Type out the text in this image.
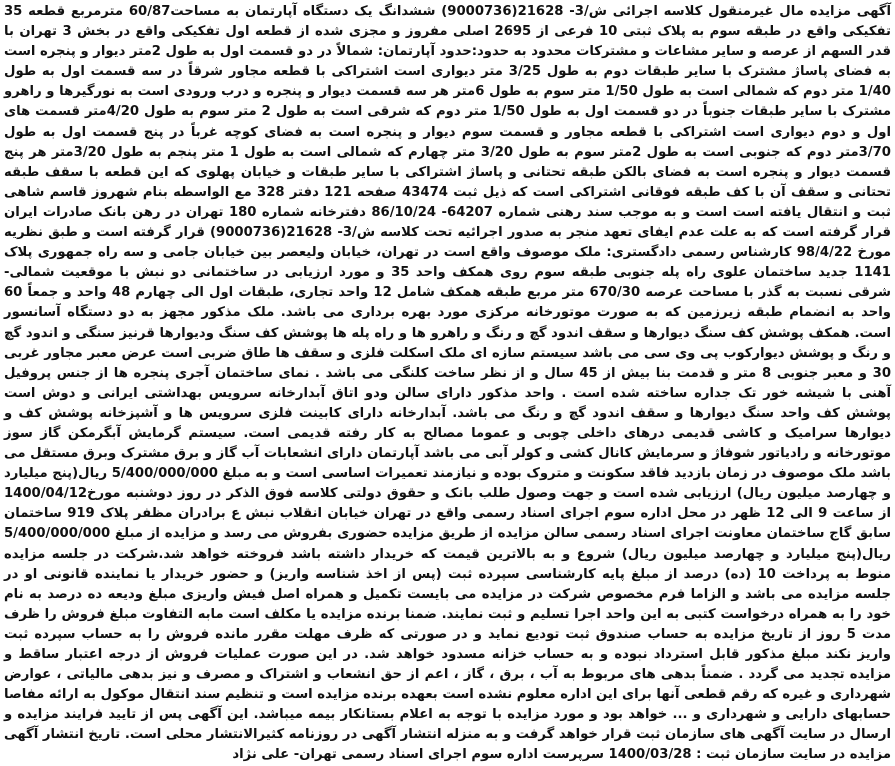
آگهی مزایده مال غیرمنقول کلاسه اجرائی ش/3- 21628(9000736) ششدانگ یک دستگاه آپارتمان به مساحت60/87 مترمربع قطعه 35 تفکیکی واقع در طبقه سوم به پلاک ثبتی 10 فرعی از 2695 اصلی مفروز و مجزی شده از قطعه اول تفکیکی واقع در بخش 3 تهران با قدر السهم از عرصه و سایر مشاعات و مشترکات محدود به حدود:حدود آپارتمان: شمالاً در دو قسمت اول به طول 2متر دیوار و پنجره است به فضای پاساژ مشترک با سایر طبقات دوم به طول 3/25 متر دیواری است اشتراکی با قطعه مجاور شرقاً در سه قسمت اول به طول 1/40 متر دوم که شمالی است به طول 1/50 متر سوم به طول 6متر هر سه قسمت دیوار و پنجره و درب ورودی است به نورگیرها و راهرو مشترک با سایر طبقات جنوباً در دو قسمت اول به طول 1/50 متر دوم که شرقی است به طول 2 متر سوم به طول 4/20متر قسمت های اول و دوم دیواری است اشتراکی با قطعه مجاور و قسمت سوم دیوار و پنجره است به فضای کوچه غرباً در پنج قسمت اول به طول 3/70متر دوم که جنوبی است به طول 2متر سوم به طول 3/20 متر چهارم که شمالی است به طول 1 متر پنجم به طول 3/20متر هر پنج قسمت دیوار و پنجره است به فضای بالکن طبقه تحتانی و پاساژ اشتراکی با سایر طبقات و خیابان پهلوی که این قطعه با سقف طبقه تحتانی و سقف آن با کف طبقه فوقانی اشتراکی است که ذیل ثبت 43474 صفحه 121 دفتر 328 مع الواسطه بنام شهروز قاسم شاهی ثبت و انتقال یافته است است و به موجب سند رهنی شماره 64207- 86/10/24 دفترخانه شماره 180 تهران در رهن بانک صادرات ایران قرار گرفته است که به علت عدم ایفای تعهد منجر به صدور اجرائیه تحت کلاسه ش/3- 21628(9000736) قرار گرفته است و طبق نظریه مورخ 98/4/22 کارشناس رسمی دادگستری: ملک موصوف واقع است در تهران، خیابان ولیعصر بین خیابان جامی و سه راه جمهوری پلاک 1141 جدید ساختمان علوی راه پله جنوبی طبقه سوم روی همکف واحد 35 و مورد ارزیابی در ساختمانی دو نبش با موقعیت شمالی- شرقی نسبت به گذر با مساحت عرصه 670/30 متر مربع طبقه همکف شامل 12 واحد تجاری، طبقات اول الی چهارم 48 واحد و جمعاً 60 واحد به انضمام طبقه زیرزمین که به صورت موتورخانه مرکزی مورد بهره برداری می باشد. ملک مذکور مجهز به دو دستگاه آسانسور است. همکف پوشش کف سنگ دیوارها و سقف اندود گچ و رنگ و راهرو ها و راه پله ها پوشش کف سنگ ودیوارها قرنیز سنگی و اندود گچ و رنگ و پوشش دیوارکوب پی وی سی می باشد سیستم سازه ای ملک اسکلت فلزی و سقف ها طاق ضربی است عرض معبر مجاور غربی 30 و معبر جنوبی 8 متر و قدمت بنا بیش از 45 سال و از نظر ساخت کلنگی می باشد . نمای ساختمان آجری پنجره ها از جنس پروفیل آهنی با شیشه خور تک جداره ساخته شده است . واحد مذکور دارای سالن ودو اتاق آبدارخانه سرویس بهداشتی ایرانی و دوش است پوشش کف واحد سنگ دیوارها و سقف اندود گچ و رنگ می باشد. آبدارخانه دارای کابینت فلزی سرویس ها و آشپزخانه پوشش کف و دیوارها سرامیک و کاشی قدیمی درهای داخلی چوبی و عموما مصالح به کار رفته قدیمی است. سیستم گرمایش آبگرمکن گاز سوز موتورخانه و رادیاتور شوفاژ و سرمایش کانال کشی و کولر آبی می باشد آپارتمان دارای انشعابات آب گاز و برق مشترک وبرق مستقل می باشد ملک موصوف در زمان بازدید فاقد سکونت و متروک بوده و نیازمند تعمیرات اساسی است و به مبلغ 5/400/000/000 ریال(پنج میلیارد و چهارصد میلیون ریال) ارزیابی شده است و جهت وصول طلب بانک و حقوق دولتی کلاسه فوق الذکر در روز دوشنبه مورخ1400/04/12 از ساعت 9 الی 12 ظهر در محل اداره سوم اجرای اسناد رسمی واقع در تهران خیابان انقلاب نبش ع برادران مظفر پلاک 919 ساختمان سابق گاج ساختمان معاونت اجرای اسناد رسمی سالن مزایده از طریق مزایده حضوری بفروش می رسد و مزایده از مبلغ 5/400/000/000 ریال(پنج میلیارد و چهارصد میلیون ریال) شروع و به بالاترین قیمت که خریدار داشته باشد فروخته خواهد شد.شرکت در جلسه مزایده منوط به پرداخت 10 (ده) درصد از مبلغ پایه کارشناسی سپرده ثبت (پس از اخذ شناسه واریز) و حضور خریدار یا نماینده قانونی او در جلسه مزایده می باشد و الزاما فرم مخصوص شرکت در مزایده می بایست تکمیل و همراه اصل فیش واریزی مبلغ ودیعه ده درصد به نام خود را به همراه درخواست کتبی به این واحد اجرا تسلیم و ثبت نمایند. ضمنا برنده مزایده یا مکلف است مابه التفاوت مبلغ فروش را ظرف مدت 5 روز از تاریخ مزایده به حساب صندوق ثبت تودیع نماید و در صورتی که ظرف مهلت مقرر مانده فروش را به حساب سپرده ثبت واریز نکند مبلغ مذکور قابل استرداد نبوده و به حساب خزانه مسدود خواهد شد. در این صورت عملیات فروش از درجه اعتبار ساقط و مزایده تجدید می گردد . ضمناً بدهی های مربوط به آب ، برق ، گاز ، اعم از حق انشعاب و اشتراک و مصرف و نیز بدهی مالیاتی ، عوارض شهرداری و غیره که رقم قطعی آنها برای این اداره معلوم نشده است بعهده برنده مزایده است و تنظیم سند انتقال موکول به ارائه مفاصا حسابهای دارایی و شهرداری و ... خواهد بود و مورد مزایده با توجه به اعلام بستانکار بیمه میباشد. این آگهی پس از تایید فرایند مزایده و ارسال در سایت آگهی های سازمان ثبت قرار خواهد گرفت و به منزله انتشار آگهی در روزنامه کثیرالانتشار محلی است. تاریخ انتشار آگهی مزایده در سایت سازمان ثبت : 1400/03/28 سرپرست اداره سوم اجرای اسناد رسمی تهران- علی نژاد
